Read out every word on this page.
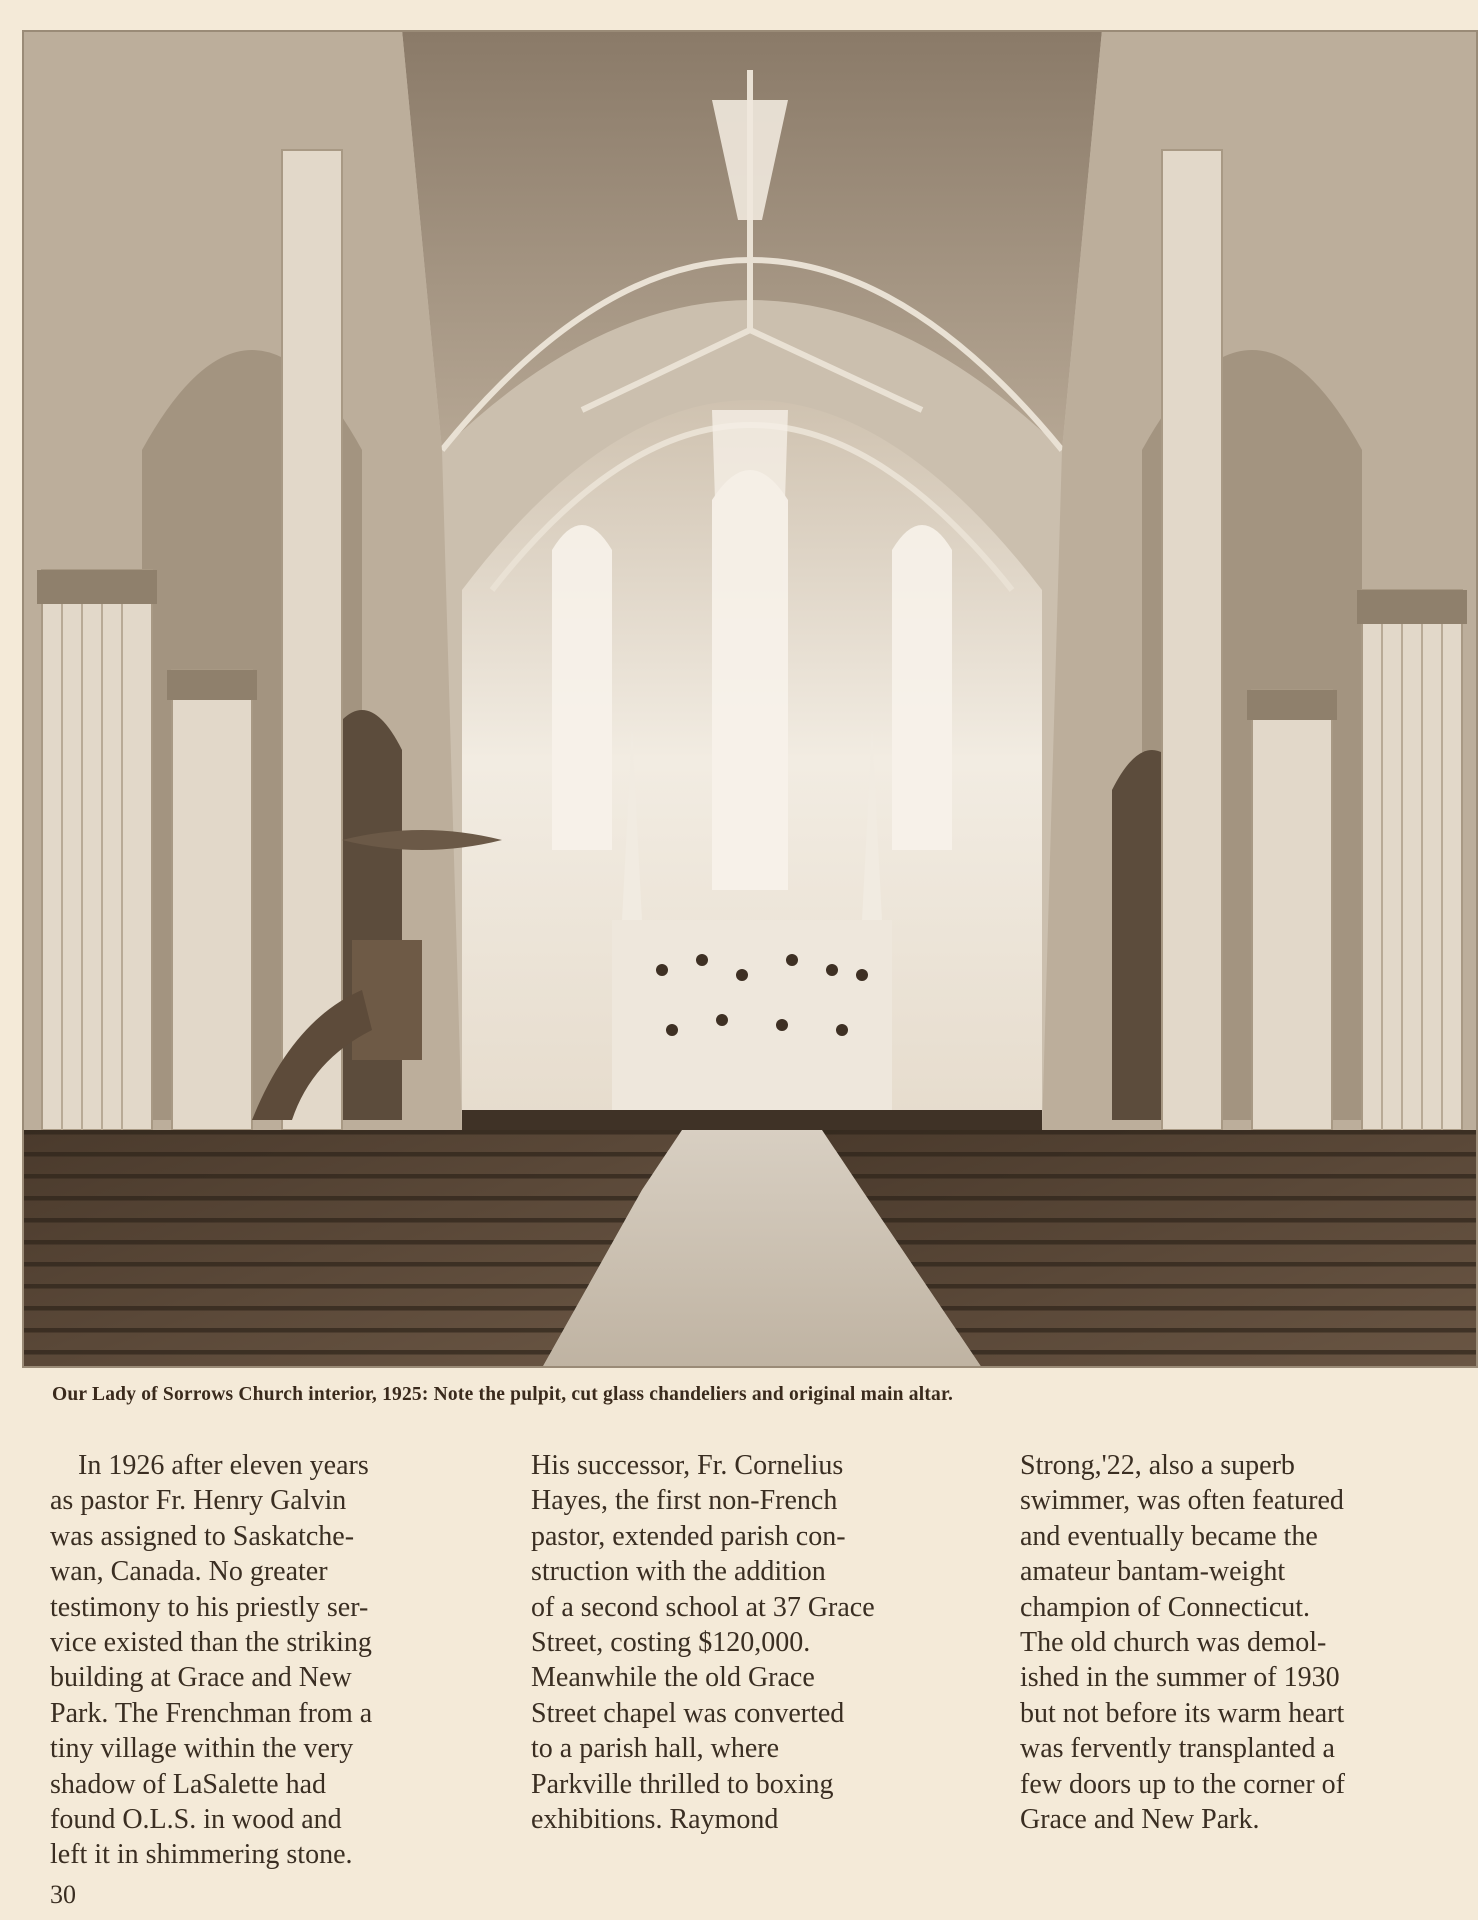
Our Lady of Sorrows Church interior, 1925: Note the pulpit, cut glass chandeliers and original main altar.
In 1926 after eleven years
as pastor Fr. Henry Galvin
was assigned to Saskatche-
wan, Canada. No greater
testimony to his priestly ser-
vice existed than the striking
building at Grace and New
Park. The Frenchman from a
tiny village within the very
shadow of LaSalette had
found O.L.S. in wood and
left it in shimmering stone.
His successor, Fr. Cornelius
Hayes, the first non-French
pastor, extended parish con-
struction with the addition
of a second school at 37 Grace
Street, costing $120,000.
Meanwhile the old Grace
Street chapel was converted
to a parish hall, where
Parkville thrilled to boxing
exhibitions. Raymond
Strong,'22, also a superb
swimmer, was often featured
and eventually became the
amateur bantam-weight
champion of Connecticut.
The old church was demol-
ished in the summer of 1930
but not before its warm heart
was fervently transplanted a
few doors up to the corner of
Grace and New Park.
30
